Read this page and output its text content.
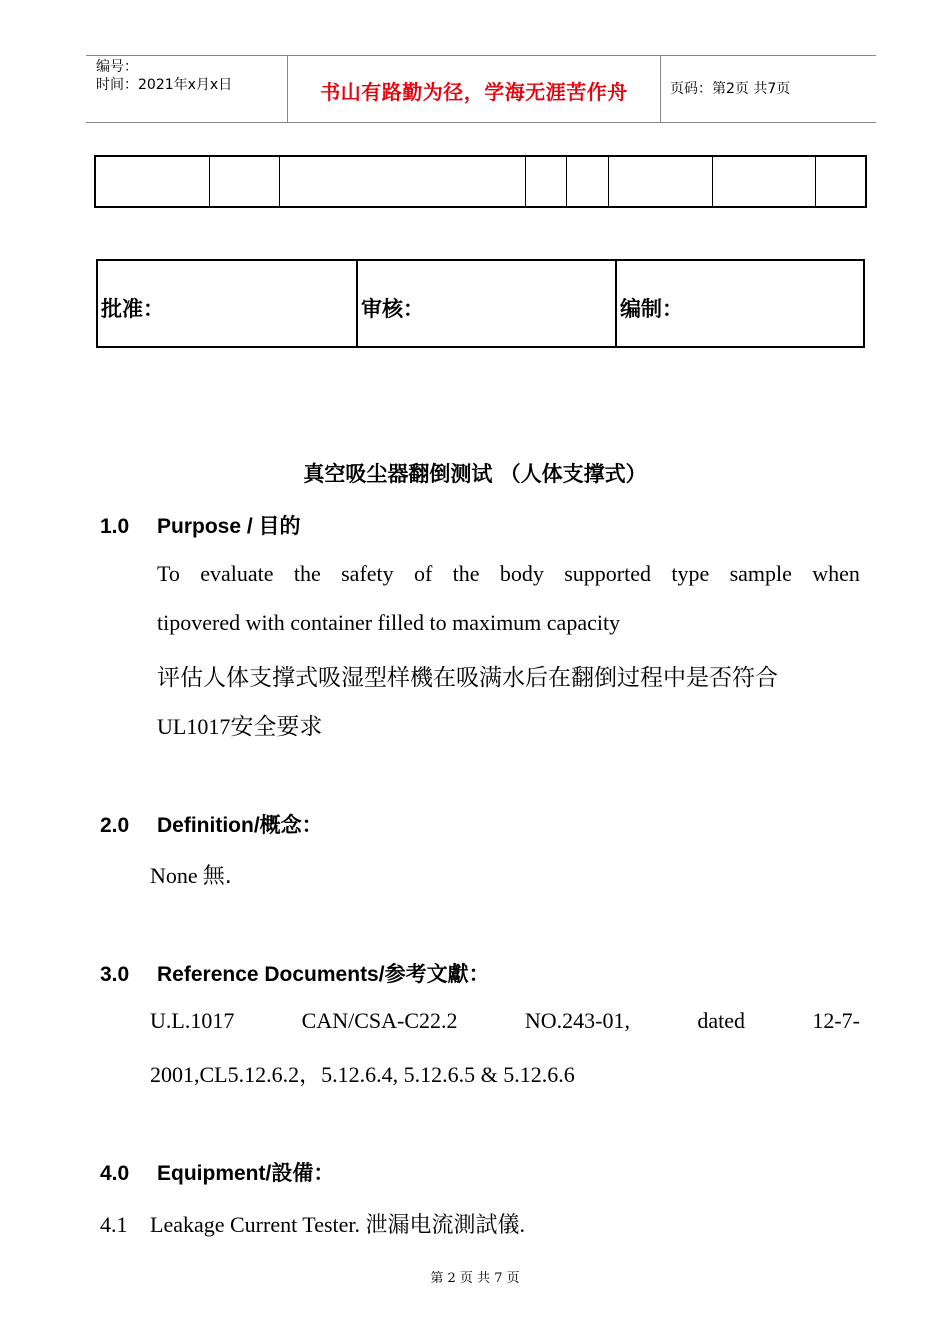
编号：
时间：2021年x月x日	书山有路勤为径，学海无涯苦作舟	页码：第2页 共7页
批准：	审核：	编制：
真空吸尘器翻倒测试 （人体支撑式）
1.0 Purpose / 目的
To evaluate the safety of the body supported type sample when
tipovered with container filled to maximum capacity
评估人体支撑式吸湿型样機在吸满水后在翻倒过程中是否符合
UL1017安全要求
2.0 Definition/概念：
None 無.
3.0 Reference Documents/参考文獻：
U.L.1017	CAN/CSA-C22.2	NO.243-01,	dated	12-7-
2001,CL5.12.6.2，5.12.6.4, 5.12.6.5 & 5.12.6.6
4.0 Equipment/設備：
4.1 Leakage Current Tester. 泄漏电流測試儀.
第 2 页 共 7 页
